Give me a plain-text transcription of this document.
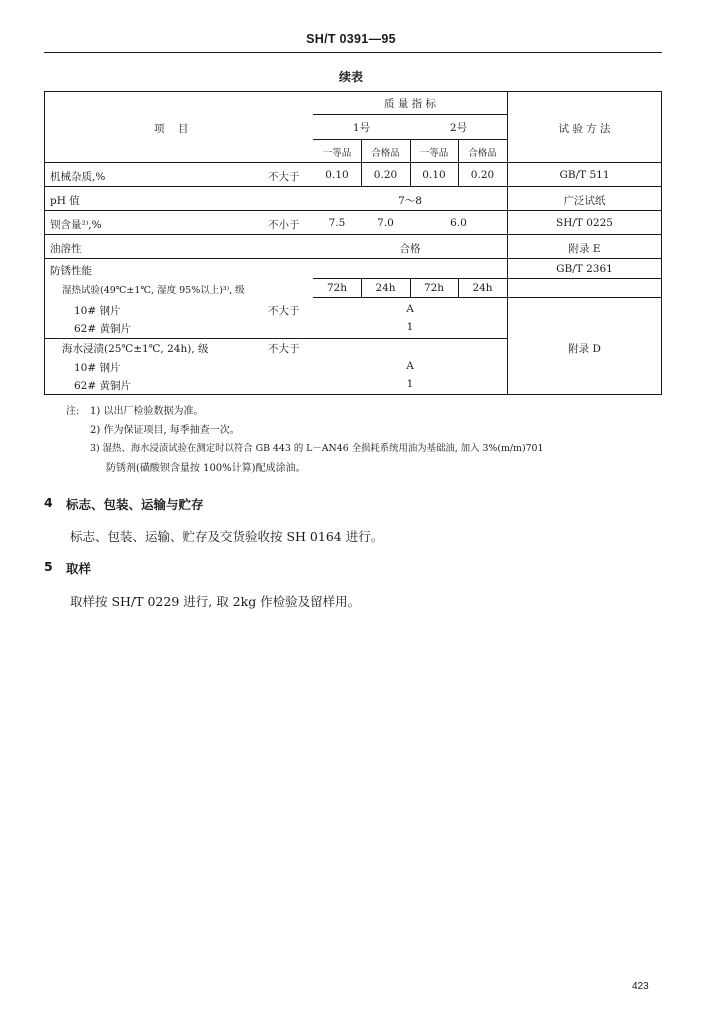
SH/T 0391—95
续表
项    目
质 量 指 标
1号	2号
一等品	合格品	一等品	合格品
试 验 方 法
机械杂质,%	不大于	0.10	0.20	0.10	0.20	GB/T 511
pH 值	7～8	广泛试纸
钡含量²⁾,%	不小于	7.5	7.0	6.0	SH/T 0225
油溶性	合格	附录 E
防锈性能	GB/T 2361
湿热试验(49℃±1℃, 湿度 95%以上)³⁾, 级	72h	24h	72h	24h
10# 钢片	不大于	A
62# 黄铜片	1
海水浸渍(25℃±1℃, 24h), 级	不大于	附录 D
10# 钢片	A
62# 黄铜片	1
注: 1) 以出厂检验数据为准。
2) 作为保证项目, 每季抽查一次。
3) 湿热、海水浸渍试验在测定时以符合 GB 443 的 L－AN46 全损耗系统用油为基础油, 加入 3%(m/m)701
防锈剂(磺酸钡含量按 100%计算)配成涂油。
4 标志、包装、运输与贮存
标志、包装、运输、贮存及交货验收按 SH 0164 进行。
5 取样
取样按 SH/T 0229 进行, 取 2kg 作检验及留样用。
423
